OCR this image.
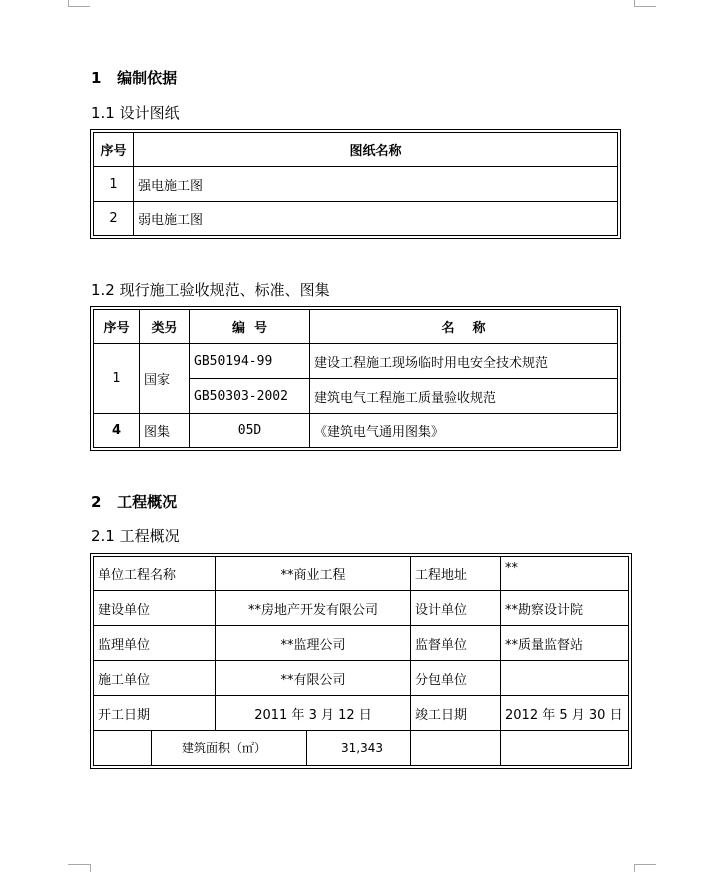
1   编制依据
1.1 设计图纸
序号	图纸名称
1	强电施工图
2	弱电施工图
1.2 现行施工验收规范、标准、图集
序号	类另	编  号	名    称
1	国家	GB50194-99	建设工程施工现场临时用电安全技术规范
		GB50303-2002	建筑电气工程施工质量验收规范
4	图集	05D	《建筑电气通用图集》
2   工程概况
2.1 工程概况
单位工程名称		**商业工程	工程地址	**
建设单位		**房地产开发有限公司	设计单位	**勘察设计院
监理单位		**监理公司	监督单位	**质量监督站
施工单位		**有限公司	分包单位	
开工日期		2011 年 3 月 12 日	竣工日期	2012 年 5 月 30 日
	建筑面积（㎡） 31,343			
